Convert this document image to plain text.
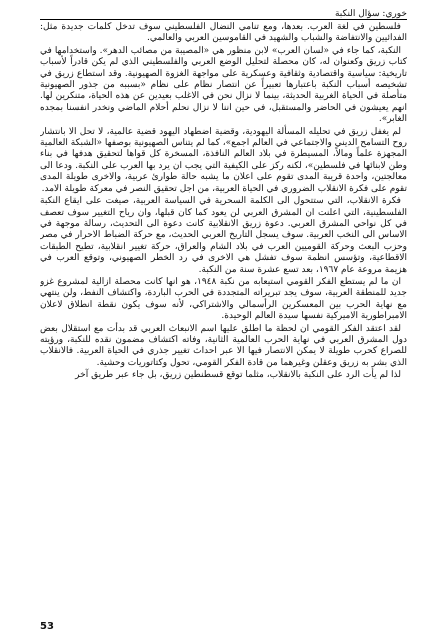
خوري: سؤال النكبة

فلسطين في لغة العرب. بعدها، ومع تنامي النضال الفلسطيني سوف تدخل كلمات جديدة مثل: الفدائيين والانتفاضة والشباب والشهيد في القاموسين العربي والعالمي.

النكبة، كما جاء في «لسان العرب» لابن منظور هي «المصيبة من مصائب الدهر». واستخدامها في كتاب زريق وكعنوان له، كان محصلة لتحليل الوضع العربي والفلسطيني الذي لم يكن قادراً لأسباب تاريخية: سياسية واقتصادية وثقافية وعسكرية على مواجهة الغزوة الصهيونية. وقد استطاع زريق في تشخيصه أسباب النكبة باعتبارها تعبيراً عن انتصار نظام على نظام «بسببه من جذور الصهيونية متأصلة في الحياة الغربية الحديثة، بينما لا نزال نحن في الاغلب بعيدين عن هذه الحياة، متنكرين لها. انهم يعيشون في الحاضر والمستقبل، في حين اننا لا نزال نحلم أحلام الماضي ونخدر انفسنا بمجده الغابر».

لم يغفل زريق في تحليله المسألة اليهودية، وقضية اضطهاد اليهود قضية عالمية، لا تحل الا بانتشار روح التسامح الديني والاجتماعي في العالم اجمع»، كما لم يتناس الصهيونية بوصفها «الشبكة العالمية المجهزة علماً ومالاً، المسيطرة في بلاد العالم النافذة، المسخرة كل قواها لتحقيق هدفها في بناء وطن لابنائها في فلسطين»، لكنه ركز على الكيفية التي يجب ان يرد بها العرب على النكبة. ودعا الى معالجتين، واحدة قريبة المدى تقوم على اعلان ما يشبه حالة طوارئ عربية، والاخرى طويلة المدى تقوم على فكرة الانقلاب الضروري في الحياة العربية، من اجل تحقيق النصر في معركة طويلة الامد.

فكرة الانقلاب، التي ستتحول الى الكلمة السحرية في السياسة العربية، صيغت على ايقاع النكبة الفلسطينية، التي اعلنت ان المشرق العربي لن يعود كما كان قبلها، وان رياح التغيير سوف تعصف في كل نواحي المشرق العربي. دعوة زريق الانقلابية كانت دعوة الى التحديث، رسالة موجهة في الاساس الى النخب العربية. سوف يسجل التاريخ العربي الحديث، مع حركة الضباط الاحرار في مصر وحزب البعث وحركة القوميين العرب في بلاد الشام والعراق، حركة تغيير انقلابية، تطيح الطبقات الاقطاعية، وتؤسس انظمة سوف تفشل هي الاخرى في رد الخطر الصهيوني، وتوقع العرب في هزيمة مروعة عام ١٩٦٧، بعد تسع عشرة سنة من النكبة.

ان ما لم يستطع الفكر القومي استيعابه من نكبة ١٩٤٨، هو انها كانت محصلة ازالية لمشروع غزو جديد للمنطقة العربية، سوف يجد تبريراته المتجددة في الحرب الباردة، واكتشاف النفط، ولن ينتهي مع نهاية الحرب بين المعسكرين الرأسمالي والاشتراكي، لأنه سوف يكون نقطة انطلاق لاعلان الامبراطورية الاميركية نفسها سيدة العالم الوحيدة.

لقد اعتقد الفكر القومي ان لحظة ما اطلق عليها اسم الانبعاث العربي قد بدأت مع استقلال بعض دول المشرق العربي في نهاية الحرب العالمية الثانية، وفاته اكتشاف مضمون نقده للنكبة، ورؤيته للصراع كحرب طويلة لا يمكن الانتصار فيها الا عبر احداث تغيير جذري في الحياة العربية. فالانقلاب الذي بشر به زريق وعقلن وغيرهما من قادة الفكر القومي، تحول وكتاتوريات وحشية.

لذا لم يأت الرد على النكبة بالانقلاب، مثلما توقع قسطنطين زريق، بل جاء عبر طريق آخر

53
